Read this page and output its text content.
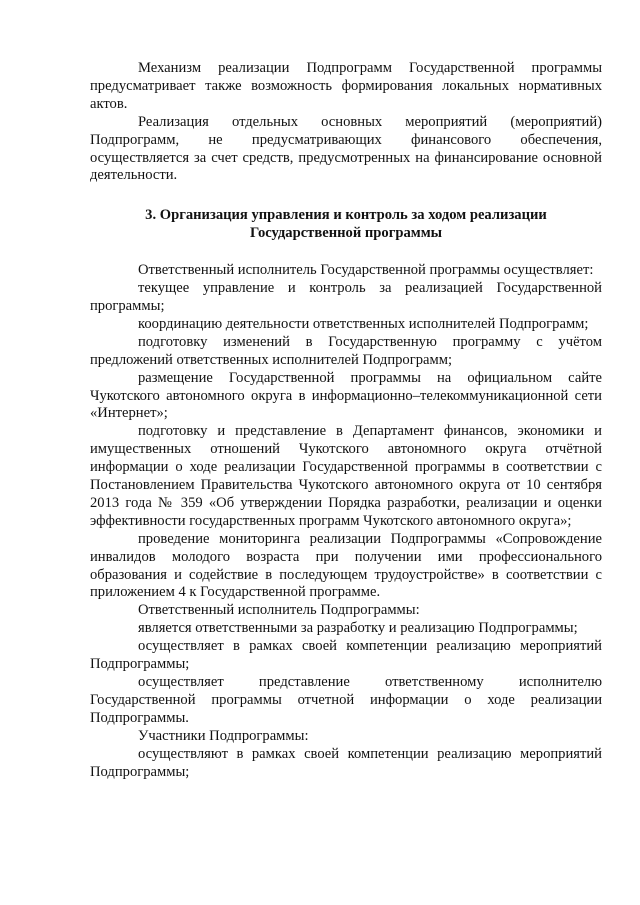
Механизм реализации Подпрограмм Государственной программы предусматривает также возможность формирования локальных нормативных актов.

Реализация отдельных основных мероприятий (мероприятий) Подпрограмм, не предусматривающих финансового обеспечения, осуществляется за счет средств, предусмотренных на финансирование основной деятельности.

3. Организация управления и контроль за ходом реализации
Государственной программы

Ответственный исполнитель Государственной программы осуществляет:

текущее управление и контроль за реализацией Государственной программы;

координацию деятельности ответственных исполнителей Подпрограмм;

подготовку изменений в Государственную программу с учётом предложений ответственных исполнителей Подпрограмм;

размещение Государственной программы на официальном сайте Чукотского автономного округа в информационно–телекоммуникационной сети «Интернет»;

подготовку и представление в Департамент финансов, экономики и имущественных отношений Чукотского автономного округа отчётной информации о ходе реализации Государственной программы в соответствии с Постановлением Правительства Чукотского автономного округа от 10 сентября 2013 года № 359 «Об утверждении Порядка разработки, реализации и оценки эффективности государственных программ Чукотского автономного округа»;

проведение мониторинга реализации Подпрограммы «Сопровождение инвалидов молодого возраста при получении ими профессионального образования и содействие в последующем трудоустройстве» в соответствии с приложением 4 к Государственной программе.

Ответственный исполнитель Подпрограммы:

является ответственными за разработку и реализацию Подпрограммы;

осуществляет в рамках своей компетенции реализацию мероприятий Подпрограммы;

осуществляет представление ответственному исполнителю Государственной программы отчетной информации о ходе реализации Подпрограммы.

Участники Подпрограммы:

осуществляют в рамках своей компетенции реализацию мероприятий Подпрограммы;
